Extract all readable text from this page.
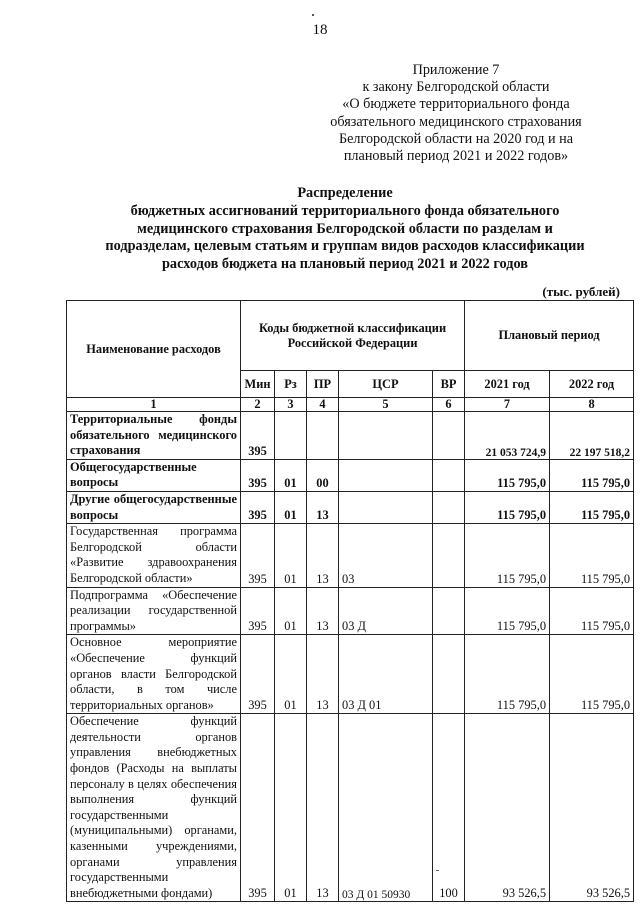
18
Приложение 7
к закону Белгородской области
«О бюджете территориального фонда
обязательного медицинского страхования
Белгородской области на 2020 год и на
плановый период 2021 и 2022 годов»
Распределение
бюджетных ассигнований территориального фонда обязательного
медицинского страхования Белгородской области по разделам и
подразделам, целевым статьям и группам видов расходов классификации
расходов бюджета на плановый период 2021 и 2022 годов
(тыс. рублей)
Наименование расходов	Коды бюджетной классификации Российской Федерации					Плановый период	
	Мин	Рз	ПР	ЦСР	ВР	2021 год	2022 год
1	2	3	4	5	6	7	8
Территориальные фонды обязательного медицинского страхования	395					21 053 724,9	22 197 518,2
Общегосударственные вопросы	395	01	00			115 795,0	115 795,0
Другие общегосударственные вопросы	395	01	13			115 795,0	115 795,0
Государственная программа Белгородской области «Развитие здравоохранения Белгородской области»	395	01	13	03		115 795,0	115 795,0
Подпрограмма «Обеспечение реализации государственной программы»	395	01	13	03 Д		115 795,0	115 795,0
Основное мероприятие «Обеспечение функций органов власти Белгородской области, в том числе территориальных органов»	395	01	13	03 Д 01		115 795,0	115 795,0
Обеспечение функций деятельности органов управления внебюджетных фондов (Расходы на выплаты персоналу в целях обеспечения выполнения функций государственными (муниципальными) органами, казенными учреждениями, органами управления государственными внебюджетными фондами)	395	01	13	03 Д 01 50930	100	93 526,5	93 526,5
